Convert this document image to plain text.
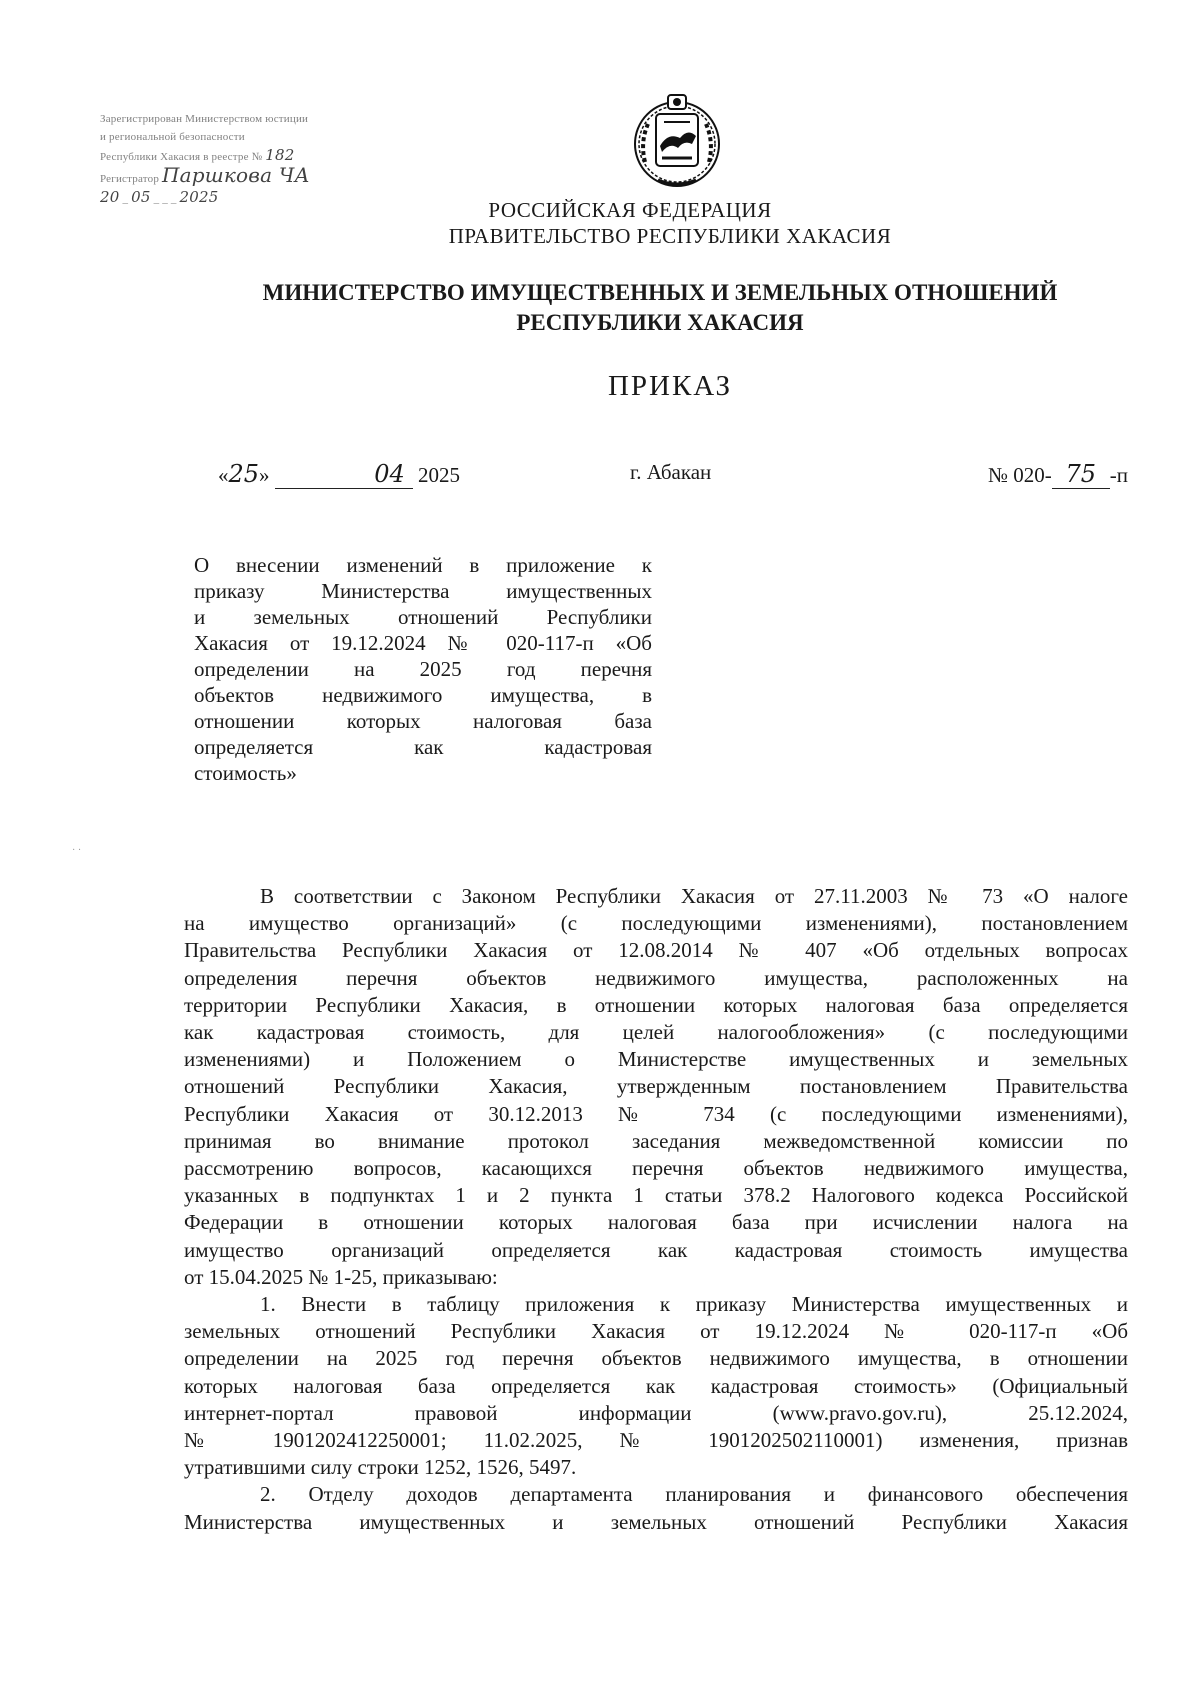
Зарегистрирован Министерством юстиции
и региональной безопасности
Республики Хакасия в реестре № 182
Регистратор Паршкова ЧА
20 _ 05 _ _ _ 2025
РОССИЙСКАЯ ФЕДЕРАЦИЯ
ПРАВИТЕЛЬСТВО РЕСПУБЛИКИ ХАКАСИЯ
МИНИСТЕРСТВО ИМУЩЕСТВЕННЫХ И ЗЕМЕЛЬНЫХ ОТНОШЕНИЙ
РЕСПУБЛИКИ ХАКАСИЯ
ПРИКАЗ
«25»	04 2025	г. Абакан	№ 020- 75 -п
О внесении изменений в приложение к
приказу Министерства имущественных
и земельных отношений Республики
Хакасия от 19.12.2024 № 020-117-п «Об
определении на 2025 год перечня
объектов недвижимого имущества, в
отношении которых налоговая база
определяется как кадастровая
стоимость»
· ·

В соответствии с Законом Республики Хакасия от 27.11.2003 № 73 «О налоге
на имущество организаций» (с последующими изменениями), постановлением
Правительства Республики Хакасия от 12.08.2014 № 407 «Об отдельных вопросах
определения перечня объектов недвижимого имущества, расположенных на
территории Республики Хакасия, в отношении которых налоговая база определяется
как кадастровая стоимость, для целей налогообложения» (с последующими
изменениями) и Положением о Министерстве имущественных и земельных
отношений Республики Хакасия, утвержденным постановлением Правительства
Республики Хакасия от 30.12.2013 № 734 (с последующими изменениями),
принимая во внимание протокол заседания межведомственной комиссии по
рассмотрению вопросов, касающихся перечня объектов недвижимого имущества,
указанных в подпунктах 1 и 2 пункта 1 статьи 378.2 Налогового кодекса Российской
Федерации в отношении которых налоговая база при исчислении налога на
имущество организаций определяется как кадастровая стоимость имущества
от 15.04.2025 № 1-25, приказываю:

1. Внести в таблицу приложения к приказу Министерства имущественных и
земельных отношений Республики Хакасия от 19.12.2024 № 020-117-п «Об
определении на 2025 год перечня объектов недвижимого имущества, в отношении
которых налоговая база определяется как кадастровая стоимость» (Официальный
интернет-портал правовой информации (www.pravo.gov.ru), 25.12.2024,
№ 1901202412250001; 11.02.2025, № 1901202502110001) изменения, признав
утратившими силу строки 1252, 1526, 5497.

2. Отделу доходов департамента планирования и финансового обеспечения
Министерства имущественных и земельных отношений Республики Хакасия
